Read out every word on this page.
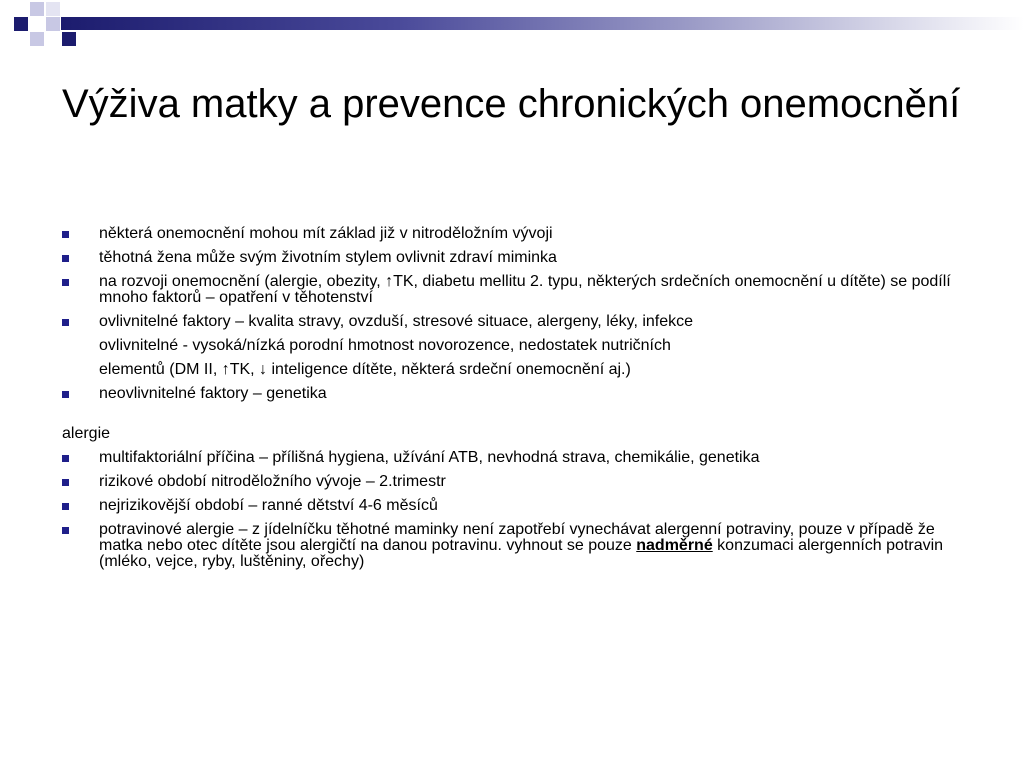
Výživa matky a prevence chronických onemocnění
některá onemocnění mohou mít základ již v nitroděložním vývoji
těhotná žena může svým životním stylem ovlivnit zdraví miminka
na rozvoji onemocnění (alergie, obezity, ↑TK, diabetu mellitu 2. typu, některých srdečních onemocnění u dítěte) se podílí mnoho faktorů – opatření v těhotenství
ovlivnitelné faktory – kvalita stravy, ovzduší, stresové situace, alergeny, léky, infekce
ovlivnitelné - vysoká/nízká porodní hmotnost novorozence, nedostatek nutričních
elementů (DM II, ↑TK, ↓ inteligence dítěte, některá srdeční onemocnění aj.)
neovlivnitelné faktory – genetika
alergie
multifaktoriální příčina – přílišná hygiena, užívání ATB, nevhodná strava, chemikálie, genetika
rizikové období nitroděložního vývoje – 2.trimestr
nejrizikovější období – ranné dětství 4-6 měsíců
potravinové alergie – z jídelníčku těhotné maminky není zapotřebí vynechávat alergenní potraviny, pouze v případě že matka nebo otec dítěte jsou alergičtí na danou potravinu. vyhnout se pouze nadměrné konzumaci alergenních potravin (mléko, vejce, ryby, luštěniny, ořechy)
